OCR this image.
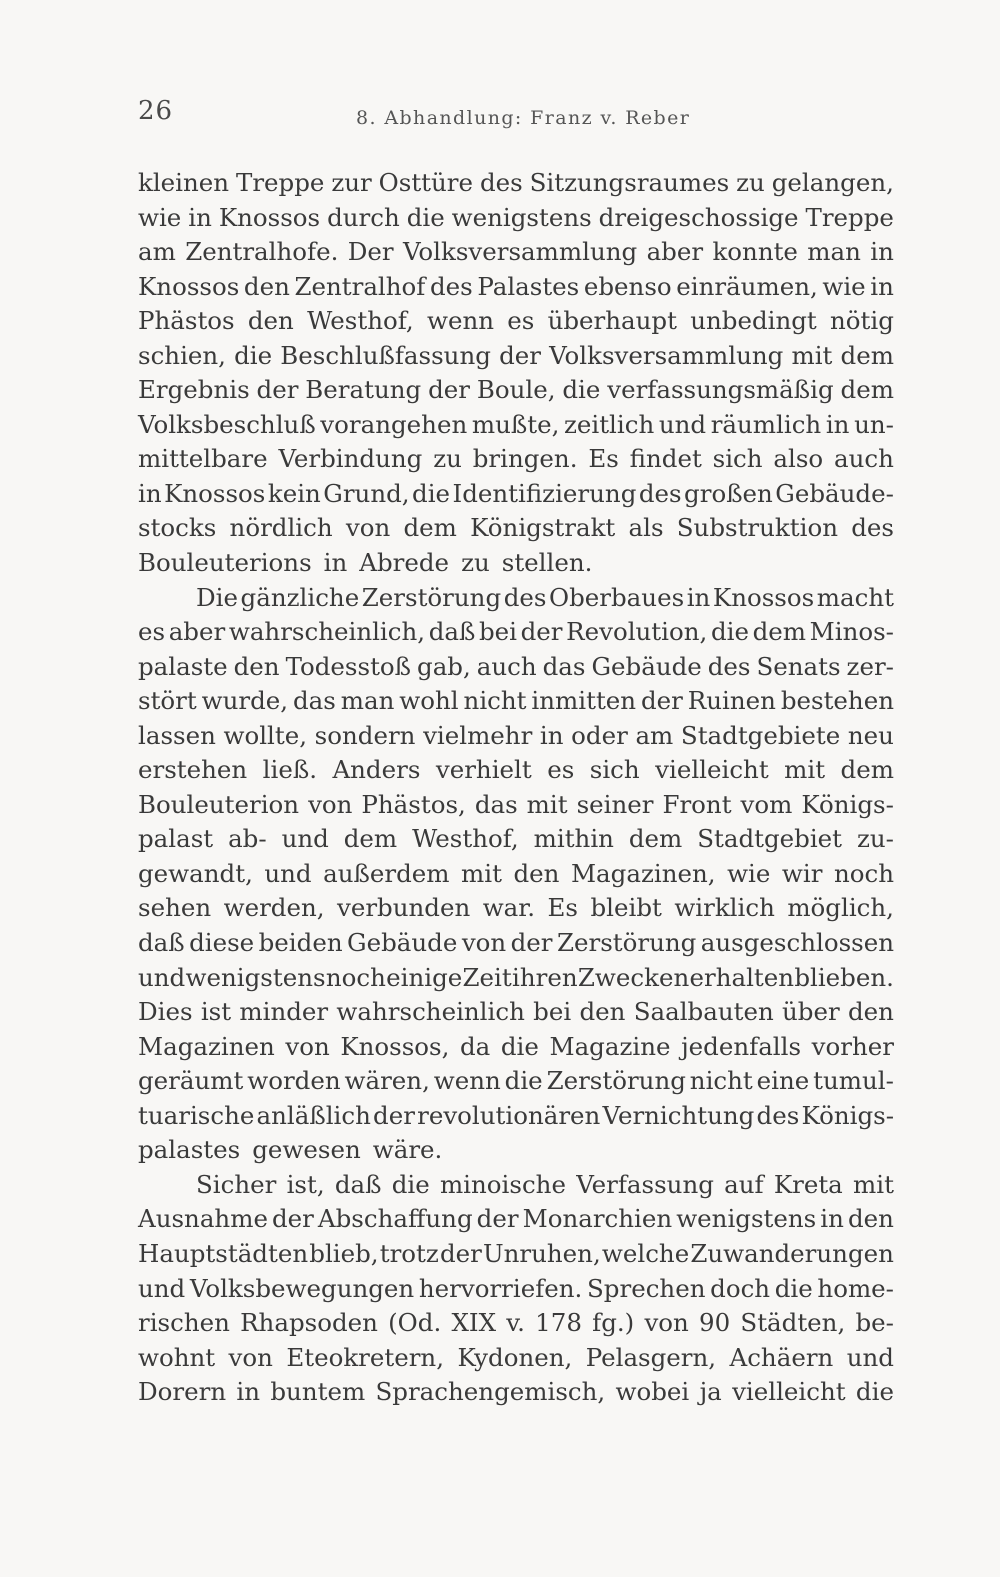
26	8. Abhandlung: Franz v. Reber
kleinen Treppe zur Osttüre des Sitzungsraumes zu gelangen,
wie in Knossos durch die wenigstens dreigeschossige Treppe
am Zentralhofe. Der Volksversammlung aber konnte man in
Knossos den Zentralhof des Palastes ebenso einräumen, wie in
Phästos den Westhof, wenn es überhaupt unbedingt nötig
schien, die Beschlußfassung der Volksversammlung mit dem
Ergebnis der Beratung der Boule, die verfassungsmäßig dem
Volksbeschluß vorangehen mußte, zeitlich und räumlich in un-
mittelbare Verbindung zu bringen. Es findet sich also auch
in Knossos kein Grund, die Identifizierung des großen Gebäude-
stocks nördlich von dem Königstrakt als Substruktion des
Bouleuterions in Abrede zu stellen.
Die gänzliche Zerstörung des Oberbaues in Knossos macht
es aber wahrscheinlich, daß bei der Revolution, die dem Minos-
palaste den Todesstoß gab, auch das Gebäude des Senats zer-
stört wurde, das man wohl nicht inmitten der Ruinen bestehen
lassen wollte, sondern vielmehr in oder am Stadtgebiete neu
erstehen ließ. Anders verhielt es sich vielleicht mit dem
Bouleuterion von Phästos, das mit seiner Front vom Königs-
palast ab- und dem Westhof, mithin dem Stadtgebiet zu-
gewandt, und außerdem mit den Magazinen, wie wir noch
sehen werden, verbunden war. Es bleibt wirklich möglich,
daß diese beiden Gebäude von der Zerstörung ausgeschlossen
und wenigstens noch einige Zeit ihren Zwecken erhalten blieben.
Dies ist minder wahrscheinlich bei den Saalbauten über den
Magazinen von Knossos, da die Magazine jedenfalls vorher
geräumt worden wären, wenn die Zerstörung nicht eine tumul-
tuarische anläßlich der revolutionären Vernichtung des Königs-
palastes gewesen wäre.
Sicher ist, daß die minoische Verfassung auf Kreta mit
Ausnahme der Abschaffung der Monarchien wenigstens in den
Hauptstädten blieb, trotz der Unruhen, welche Zuwanderungen
und Volksbewegungen hervorriefen. Sprechen doch die home-
rischen Rhapsoden (Od. XIX v. 178 fg.) von 90 Städten, be-
wohnt von Eteokretern, Kydonen, Pelasgern, Achäern und
Dorern in buntem Sprachengemisch, wobei ja vielleicht die
